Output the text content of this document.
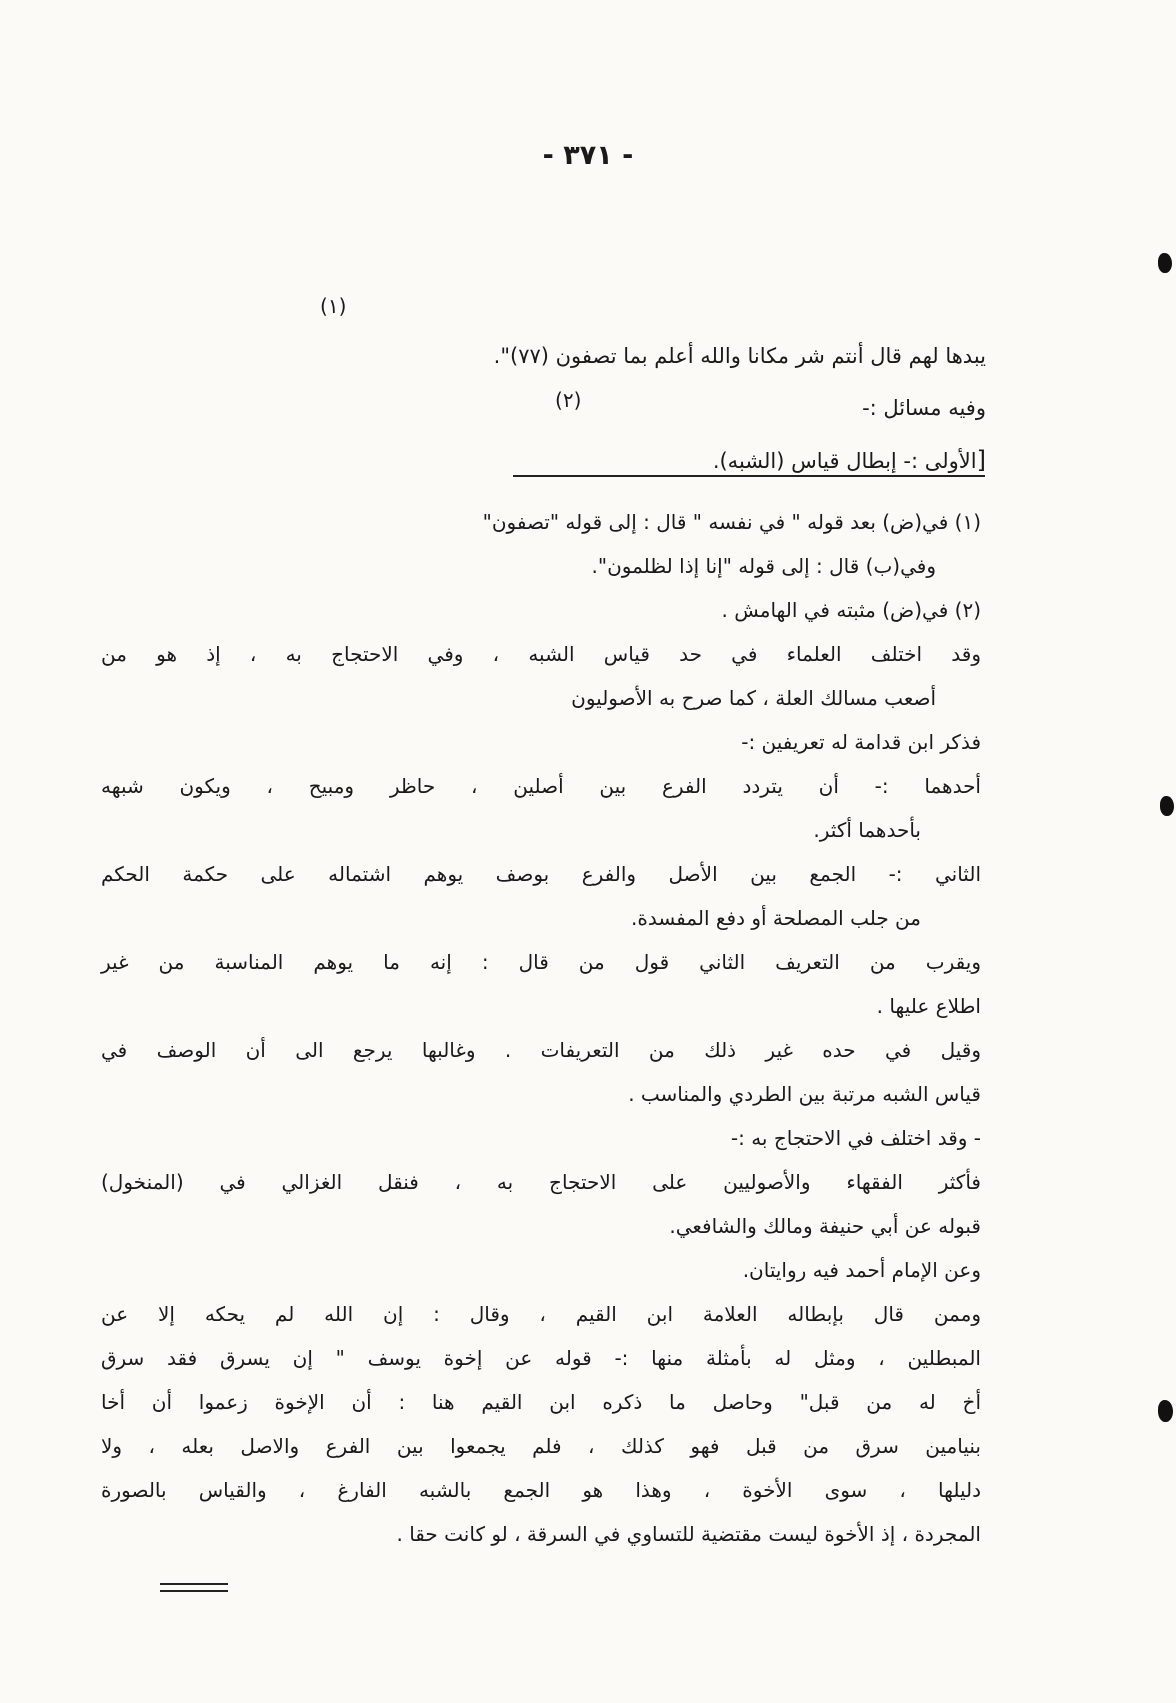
- ٣٧١ -
(١)
(٢)

يبدها لهم قال أنتم شر مكانا والله أعلم بما تصفون (٧٧)".

وفيه مسائل :-

[الأولى :- إبطال قياس (الشبه).

(١) في(ض) بعد قوله " في نفسه " قال : إلى قوله "تصفون"

وفي(ب) قال : إلى قوله "إنا إذا لظلمون".

(٢) في(ض) مثبته في الهامش .

وقد اختلف العلماء في حد قياس الشبه ، وفي الاحتجاج به ، إذ هو من

أصعب مسالك العلة ، كما صرح به الأصوليون

فذكر ابن قدامة له تعريفين :-

أحدهما :- أن يتردد الفرع بين أصلين ، حاظر ومبيح ، ويكون شبهه

بأحدهما أكثر.

الثاني :- الجمع بين الأصل والفرع بوصف يوهم اشتماله على حكمة الحكم

من جلب المصلحة أو دفع المفسدة.

ويقرب من التعريف الثاني قول من قال : إنه ما يوهم المناسبة من غير

اطلاع عليها .

وقيل في حده غير ذلك من التعريفات . وغالبها يرجع الى أن الوصف في

قياس الشبه مرتبة بين الطردي والمناسب .

- وقد اختلف في الاحتجاج به :-

فأكثر الفقهاء والأصوليين على الاحتجاج به ، فنقل الغزالي في (المنخول)

قبوله عن أبي حنيفة ومالك والشافعي.

وعن الإمام أحمد فيه روايتان.

وممن قال بإبطاله العلامة ابن القيم ، وقال : إن الله لم يحكه إلا عن

المبطلين ، ومثل له بأمثلة منها :- قوله عن إخوة يوسف " إن يسرق فقد سرق

أخ له من قبل" وحاصل ما ذكره ابن القيم هنا : أن الإخوة زعموا أن أخا

بنيامين سرق من قبل فهو كذلك ، فلم يجمعوا بين الفرع والاصل بعله ، ولا

دليلها ، سوى الأخوة ، وهذا هو الجمع بالشبه الفارغ ، والقياس بالصورة

المجردة ، إذ الأخوة ليست مقتضية للتساوي في السرقة ، لو كانت حقا .
